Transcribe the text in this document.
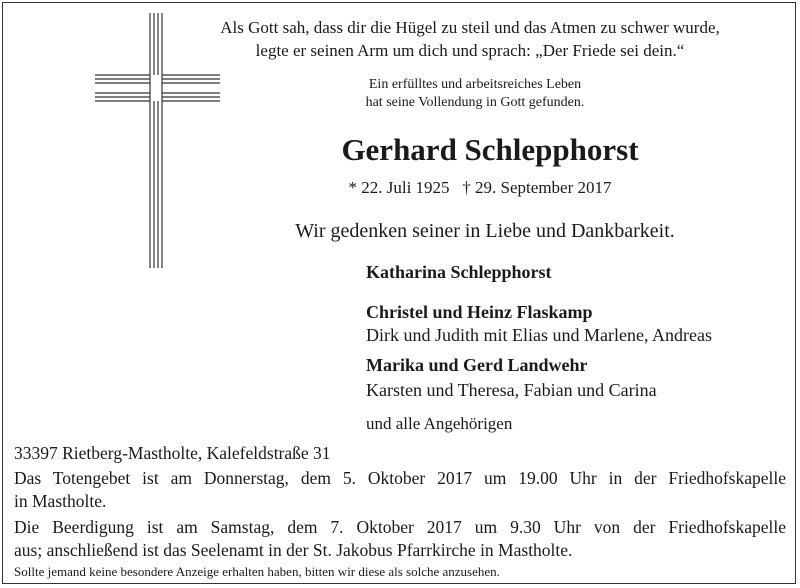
Als Gott sah, dass dir die Hügel zu steil und das Atmen zu schwer wurde,
legte er seinen Arm um dich und sprach: „Der Friede sei dein.“
Ein erfülltes und arbeitsreiches Leben
hat seine Vollendung in Gott gefunden.
Gerhard Schlepphorst
* 22. Juli 1925   † 29. September 2017
Wir gedenken seiner in Liebe und Dankbarkeit.
Katharina Schlepphorst
Christel und Heinz Flaskamp
Dirk und Judith mit Elias und Marlene, Andreas
Marika und Gerd Landwehr
Karsten und Theresa, Fabian und Carina
und alle Angehörigen
33397 Rietberg-Mastholte, Kalefeldstraße 31
Das Totengebet ist am Donnerstag, dem 5. Oktober 2017 um 19.00 Uhr in der Friedhofskapelle
in Mastholte.
Die Beerdigung ist am Samstag, dem 7. Oktober 2017 um 9.30 Uhr von der Friedhofskapelle
aus; anschließend ist das Seelenamt in der St. Jakobus Pfarrkirche in Mastholte.
Sollte jemand keine besondere Anzeige erhalten haben, bitten wir diese als solche anzusehen.
